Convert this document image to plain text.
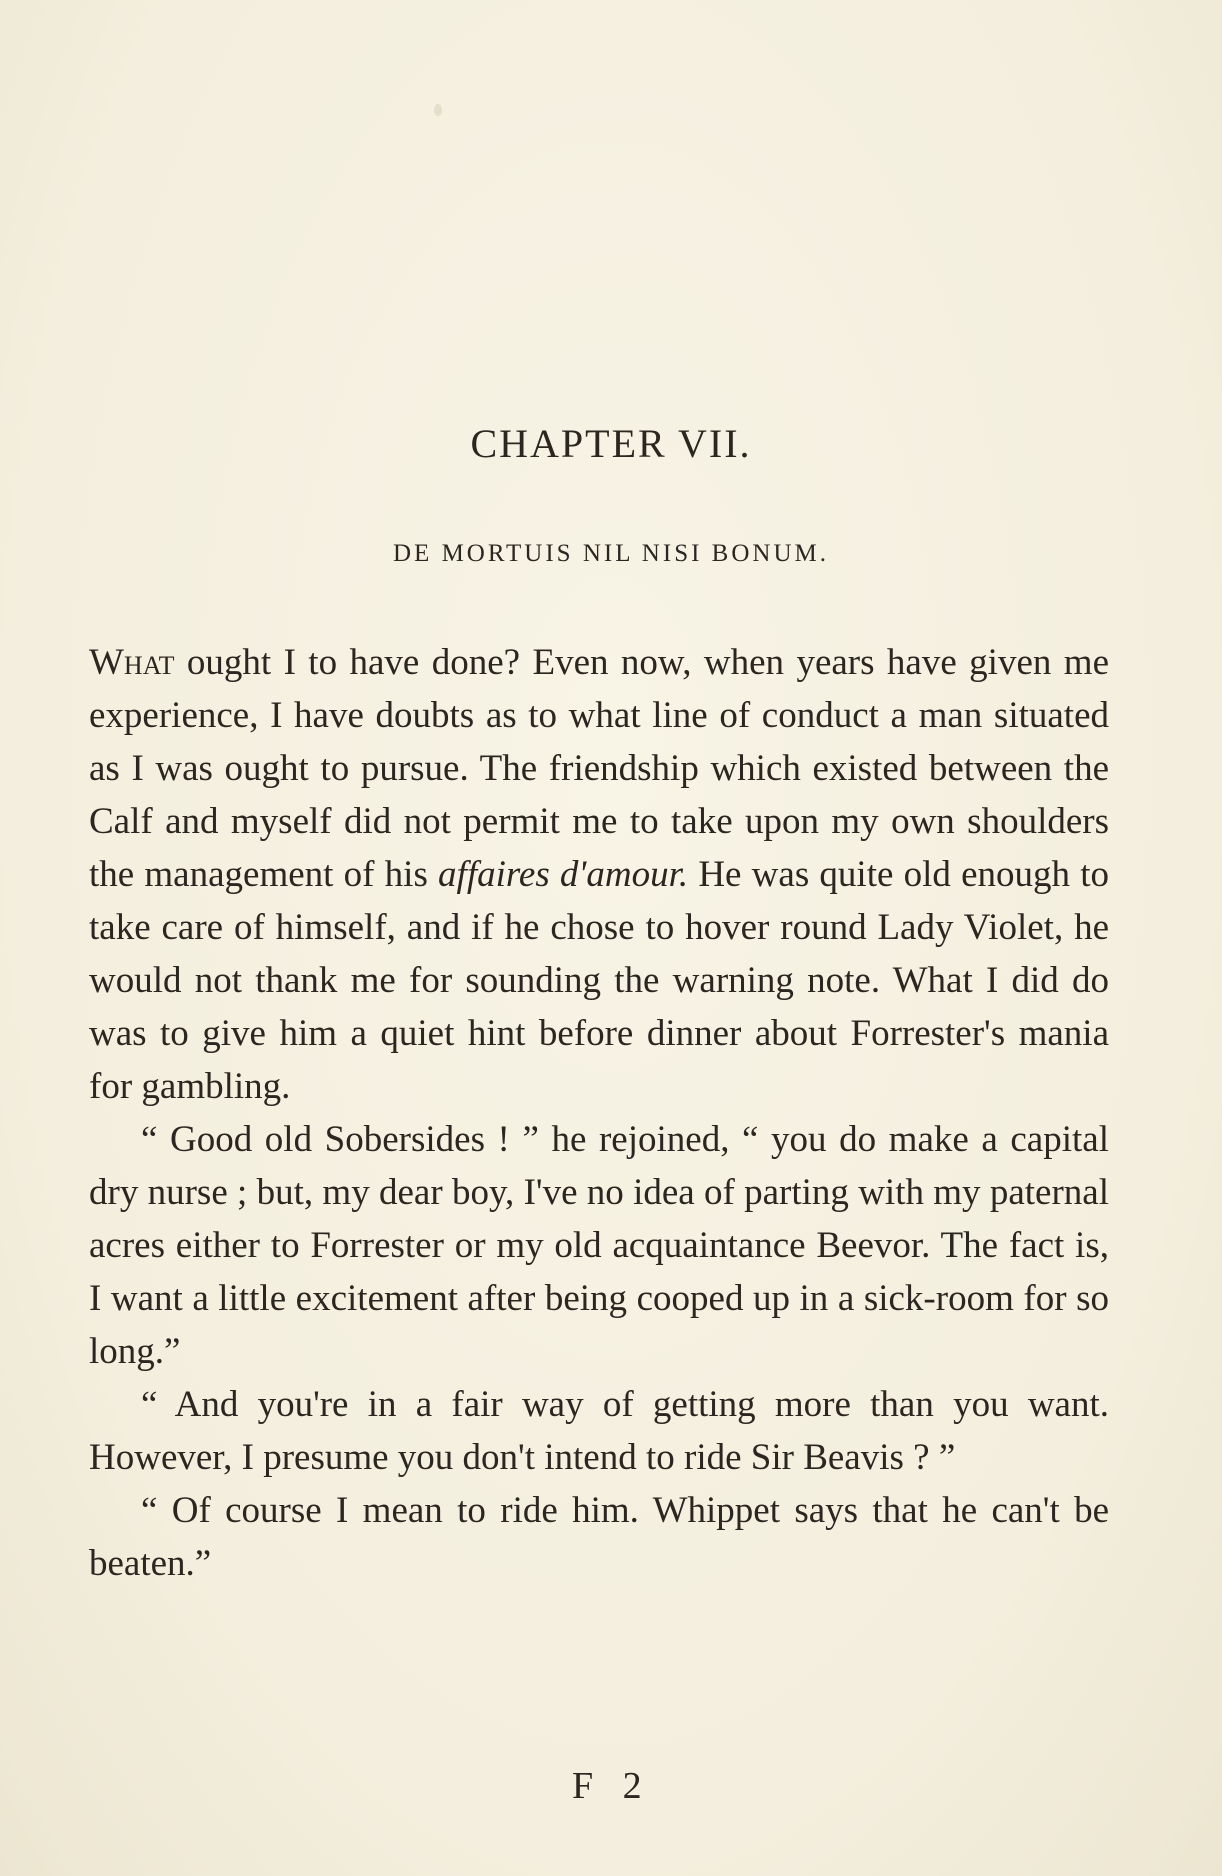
CHAPTER VII.
DE MORTUIS NIL NISI BONUM.

What ought I to have done? Even now, when years have given me experience, I have doubts as to what line of conduct a man situated as I was ought to pursue. The friendship which existed between the Calf and myself did not permit me to take upon my own shoulders the management of his affaires d'amour. He was quite old enough to take care of himself, and if he chose to hover round Lady Violet, he would not thank me for sounding the warning note. What I did do was to give him a quiet hint before dinner about Forrester's mania for gambling.

“ Good old Sobersides ! ” he rejoined, “ you do make a capital dry nurse ; but, my dear boy, I've no idea of parting with my paternal acres either to Forrester or my old acquaintance Beevor. The fact is, I want a little excitement after being cooped up in a sick-room for so long.”

“ And you're in a fair way of getting more than you want. However, I presume you don't intend to ride Sir Beavis ? ”

“ Of course I mean to ride him. Whippet says that he can't be beaten.”

F 2
